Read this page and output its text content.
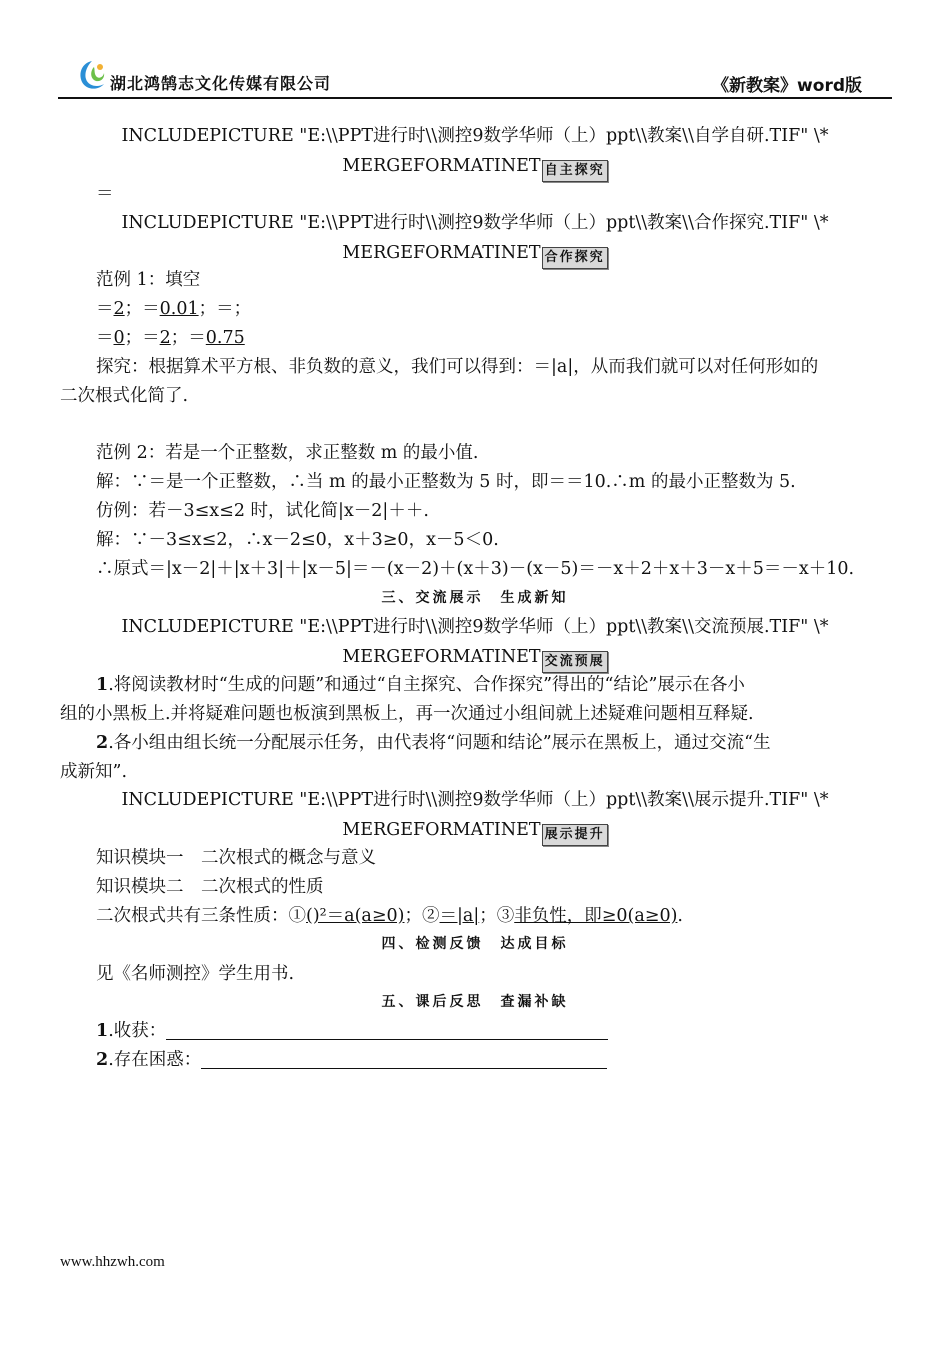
湖北鸿鹄志文化传媒有限公司	《新教案》word版
INCLUDEPICTURE "E:\\PPT进行时\\测控9数学华师（上）ppt\\教案\\自学自研.TIF" \*
MERGEFORMATINET 自主探究
＝
INCLUDEPICTURE "E:\\PPT进行时\\测控9数学华师（上）ppt\\教案\\合作探究.TIF" \*
MERGEFORMATINET 合作探究
范例 1：填空
＝2；＝0.01；＝；
＝0；＝2；＝0.75
探究：根据算术平方根、非负数的意义，我们可以得到：＝|a|，从而我们就可以对任何形如的
二次根式化简了.
范例 2：若是一个正整数，求正整数 m 的最小值.
解：∵＝是一个正整数，∴当 m 的最小正整数为 5 时，即＝＝10.∴m 的最小正整数为 5.
仿例：若－3≤x≤2 时，试化简|x－2|＋＋.
解：∵－3≤x≤2，∴x－2≤0，x＋3≥0，x－5＜0.
∴原式＝|x－2|＋|x＋3|＋|x－5|＝－(x－2)＋(x＋3)－(x－5)＝－x＋2＋x＋3－x＋5＝－x＋10.
三、交流展示　生成新知
INCLUDEPICTURE "E:\\PPT进行时\\测控9数学华师（上）ppt\\教案\\交流预展.TIF" \*
MERGEFORMATINET 交流预展
1.将阅读教材时“生成的问题”和通过“自主探究、合作探究”得出的“结论”展示在各小
组的小黑板上.并将疑难问题也板演到黑板上，再一次通过小组间就上述疑难问题相互释疑.
2.各小组由组长统一分配展示任务，由代表将“问题和结论”展示在黑板上，通过交流“生
成新知”.
INCLUDEPICTURE "E:\\PPT进行时\\测控9数学华师（上）ppt\\教案\\展示提升.TIF" \*
MERGEFORMATINET 展示提升
知识模块一　二次根式的概念与意义
知识模块二　二次根式的性质
二次根式共有三条性质：①()²＝a(a≥0)；②＝|a|；③非负性，即≥0(a≥0).
四、检测反馈　达成目标
见《名师测控》学生用书.
五、课后反思　查漏补缺
1.收获：
2.存在困惑：
www.hhzwh.com
